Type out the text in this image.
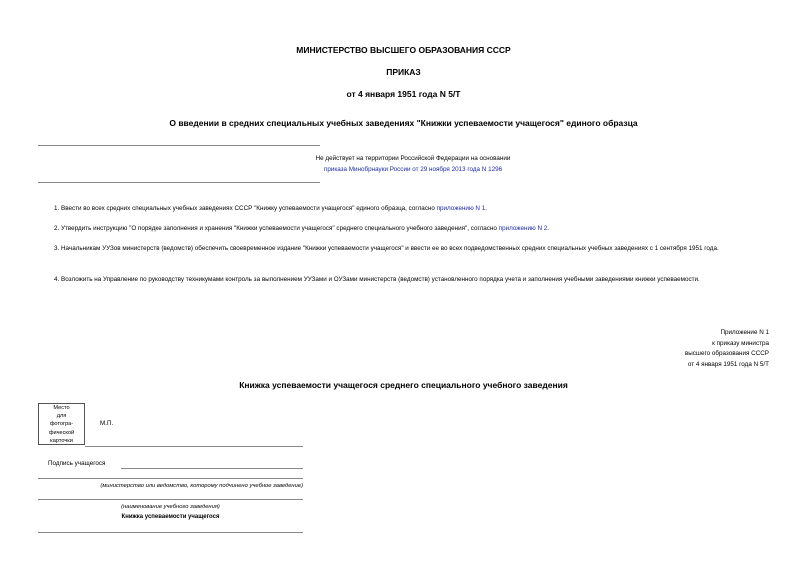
МИНИСТЕРСТВО ВЫСШЕГО ОБРАЗОВАНИЯ СССР
ПРИКАЗ
от 4 января 1951 года N 5/Т
О введении в средних специальных учебных заведениях "Книжки успеваемости учащегося" единого образца
Не действует на территории Российской Федерации на основании
приказа Минобрнауки России от 29 ноября 2013 года N 1296
1. Ввести во всех средних специальных учебных заведениях СССР "Книжку успеваемости учащегося" единого образца, согласно приложению N 1.
2. Утвердить инструкцию "О порядке заполнения и хранения "Книжки успеваемости учащегося" среднего специального учебного заведения", согласно приложению N 2.
3. Начальникам УУЗов министерств (ведомств) обеспечить своевременное издание "Книжки успеваемости учащегося" и ввести ее во всех подведомственных средних специальных учебных заведениях с 1 сентября 1951 года.
4. Возложить на Управление по руководству техникумами контроль за выполнением УУЗами и ОУЗами министерств (ведомств) установленного порядка учета и заполнения учебными заведениями книжки успеваемости.
Приложение N 1
к приказу министра
высшего образования СССР
от 4 января 1951 года N 5/Т
Книжка успеваемости учащегося среднего специального учебного заведения
Место
для
фотогра-
фической
карточки
М.П.
Подпись учащегося
(министерство или ведомство, которому подчинено учебное заведение)
(наименование учебного заведения)
Книжка успеваемости учащегося
